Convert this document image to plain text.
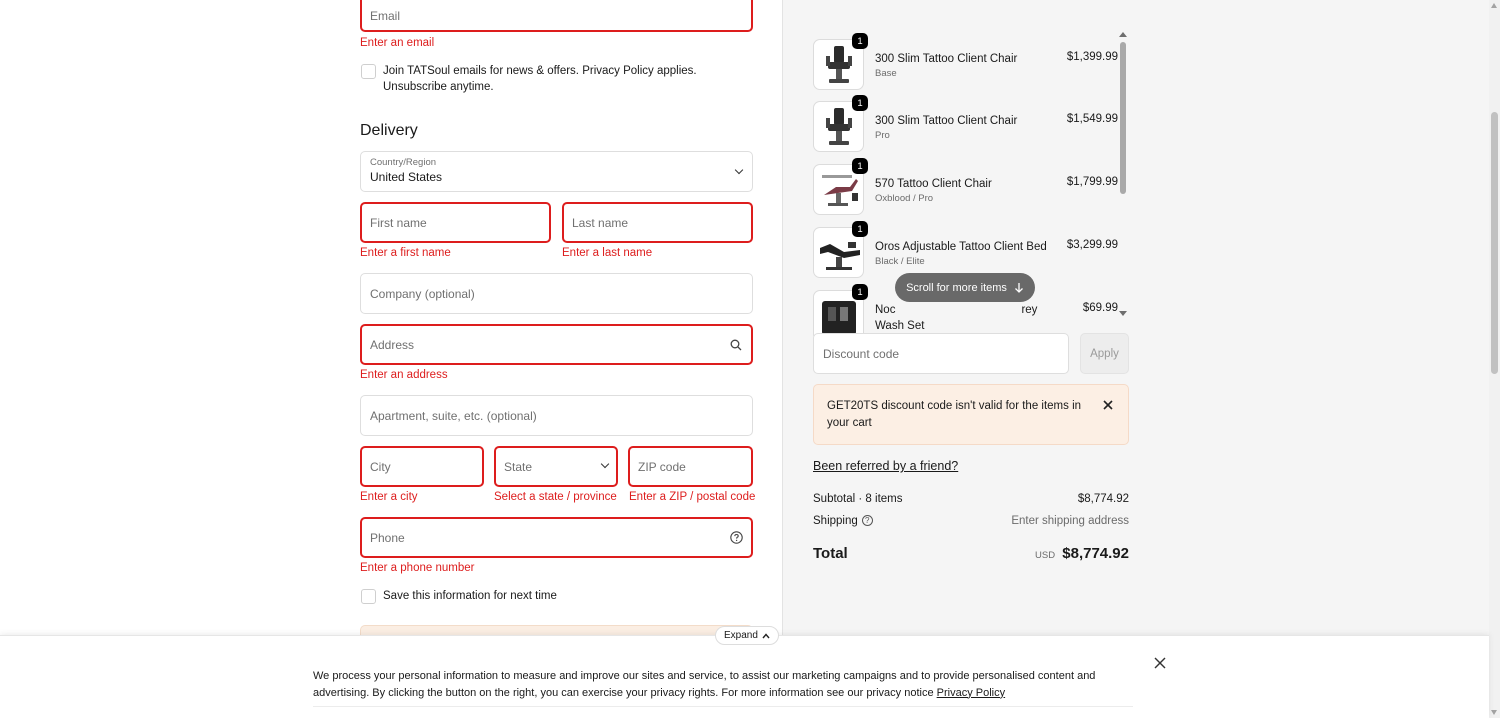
Email
Enter an email
Join TATSoul emails for news & offers. Privacy Policy applies. Unsubscribe anytime.
Delivery
Country/Region
United States
First name	Last name
Enter a first name	Enter a last name
Company (optional)
Address
Enter an address
Apartment, suite, etc. (optional)
City	State	ZIP code
Enter a city	Select a state / province Enter a ZIP / postal code
Phone
Enter a phone number
Save this information for next time
1
300 Slim Tattoo Client Chair
Base
$1,399.99
1
300 Slim Tattoo Client Chair
Pro
$1,549.99
1
570 Tattoo Client Chair
Oxblood / Pro
$1,799.99
1
Oros Adjustable Tattoo Client Bed
Black / Elite
$3,299.99
1
Noc	rey
Wash Set
$69.99
Scroll for more items
Discount code	Apply
GET20TS discount code isn't valid for the items in your cart
Been referred by a friend?
Subtotal · 8 items	$8,774.92
Shipping ?	Enter shipping address
Total	USD $8,774.92
Expand
We process your personal information to measure and improve our sites and service, to assist our marketing campaigns and to provide personalised content and advertising. By clicking the button on the right, you can exercise your privacy rights. For more information see our privacy notice Privacy Policy
